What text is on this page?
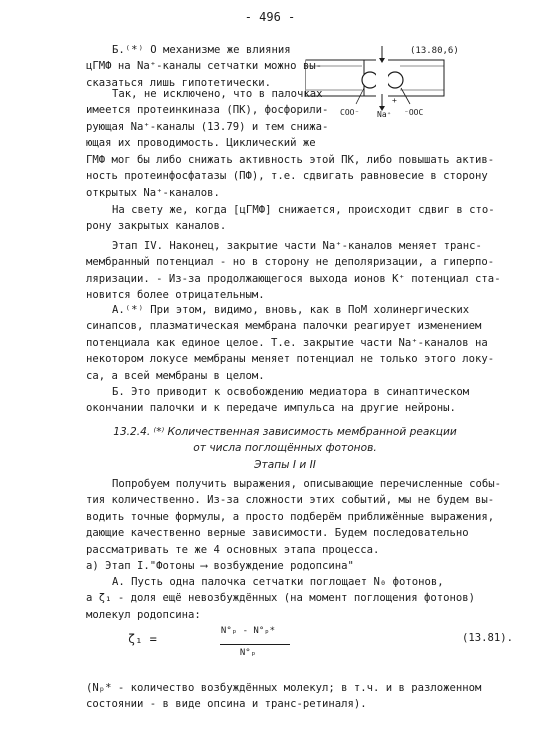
- 496 -
(13.80,6)
COO⁻ Na⁺
+
⁻OOC
Б.⁽*⁾ О механизме же влияния
цГМФ на Na⁺-каналы сетчатки можно вы-
сказаться лишь гипотетически.
Так, не исключено, что в палочках
имеется протеинкиназа (ПК), фосфорили-
рующая Na⁺-каналы (13.79) и тем снижа-
ющая их проводимость. Циклический же
ГМФ мог бы либо снижать активность этой ПК, либо повышать актив-
ность протеинфосфатазы (ПФ), т.е. сдвигать равновесие в сторону
открытых Na⁺-каналов.
На свету же, когда [цГМФ] снижается, происходит сдвиг в сто-
рону закрытых каналов.
Этап IV. Наконец, закрытие части Na⁺-каналов меняет транс-
мембранный потенциал - но в сторону не деполяризации, а гиперпо-
ляризации. - Из-за продолжающегося выхода ионов K⁺ потенциал ста-
новится более отрицательным.
А.⁽*⁾ При этом, видимо, вновь, как в ПоМ холинергических
синапсов, плазматическая мембрана палочки реагирует изменением
потенциала как единое целое. Т.е. закрытие части Na⁺-каналов на
некотором локусе мембраны меняет потенциал не только этого локу-
са, а всей мембраны в целом.
Б. Это приводит к освобождению медиатора в синаптическом
окончании палочки и к передаче импульса на другие нейроны.
13.2.4. ⁽*⁾ Количественная зависимость мембранной реакции
от числа поглощённых фотонов.
Этапы I и II
Попробуем получить выражения, описывающие перечисленные собы-
тия количественно. Из-за сложности этих событий, мы не будем вы-
водить точные формулы, а просто подберём приближённые выражения,
дающие качественно верные зависимости. Будем последовательно
рассматривать те же 4 основных этапа процесса.
а) Этап I."Фотоны ⟶ возбуждение родопсина"
А. Пусть одна палочка сетчатки поглощает N₀ фотонов,
а ζ₁ - доля ещё невозбуждённых (на момент поглощения фотонов)
молекул родопсина:
ζ₁ =
N°ₚ - N°ₚ*
N°ₚ
(13.81).
(Nₚ* - количество возбуждённых молекул; в т.ч. и в разложенном
состоянии - в виде опсина и транс-ретиналя).
